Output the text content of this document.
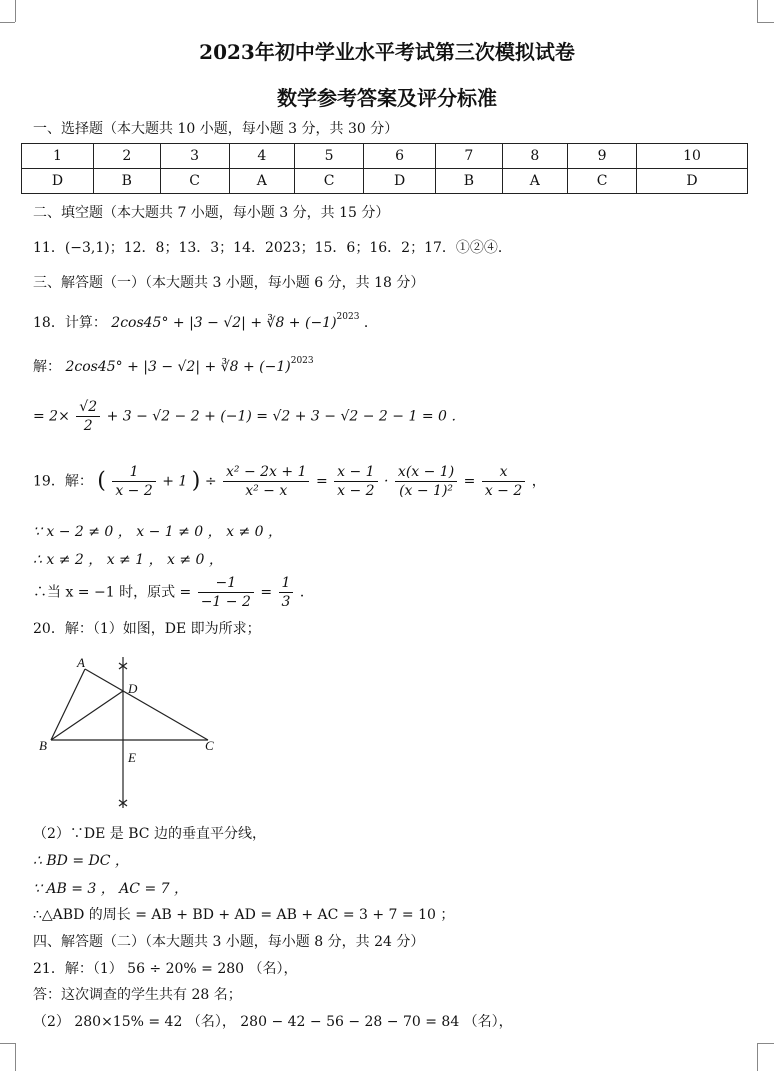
2023年初中学业水平考试第三次模拟试卷
数学参考答案及评分标准
一、选择题（本大题共 10 小题，每小题 3 分，共 30 分）
1	2	3	4	5	6	7	8	9	10
D	B	C	A	C	D	B	A	C	D
二、填空题（本大题共 7 小题，每小题 3 分，共 15 分）
11．(−3,1)；12．8；13．3；14．2023；15．6；16．2；17．①②④．
三、解答题（一）（本大题共 3 小题，每小题 6 分，共 18 分）
18．计算： 2cos45° + |3 − √2| + ∛8 + $(-1)^{2023}$ ．
解： 2cos45° + |3 − √2| + ∛8 + $(-1)^{2023}$
= $2\times \frac{√2}{2} + 3 - √2 - 2 + (-1) = √2 + 3 - √2 - 2 - 1 = 0$ ．
19．解： ( $\frac{1}{x - 2} + 1$ ) ÷ $\frac{\text{x² − 2x + 1}}{\text{x² − x}} = \frac{x - 1}{x - 2} \cdot \frac{x(x - 1)}{\text{(x − 1)²}} = \frac{x}{x - 2}$ ，
∵ x − 2 ≠ 0 ， x − 1 ≠ 0 ， x ≠ 0 ，
∴ x ≠ 2 ， x ≠ 1 ， x ≠ 0 ，
∴当 x = −1 时，原式 = $\frac{-1}{-1 - 2} = \frac{1}{3}$ ．
20．解：（1）如图，DE 即为所求；
A
B	C
D
E
（2）∵DE 是 BC 边的垂直平分线，
∴ BD = DC ，
∵ AB = 3 ， AC = 7 ，
∴△ABD 的周长 = AB + BD + AD = AB + AC = 3 + 7 = 10 ；
四、解答题（二）（本大题共 3 小题，每小题 8 分，共 24 分）
21．解：（1） 56 ÷ 20% = 280 （名），
答：这次调查的学生共有 28 名；
（2） 280×15% = 42 （名）， 280 − 42 − 56 − 28 − 70 = 84 （名），
